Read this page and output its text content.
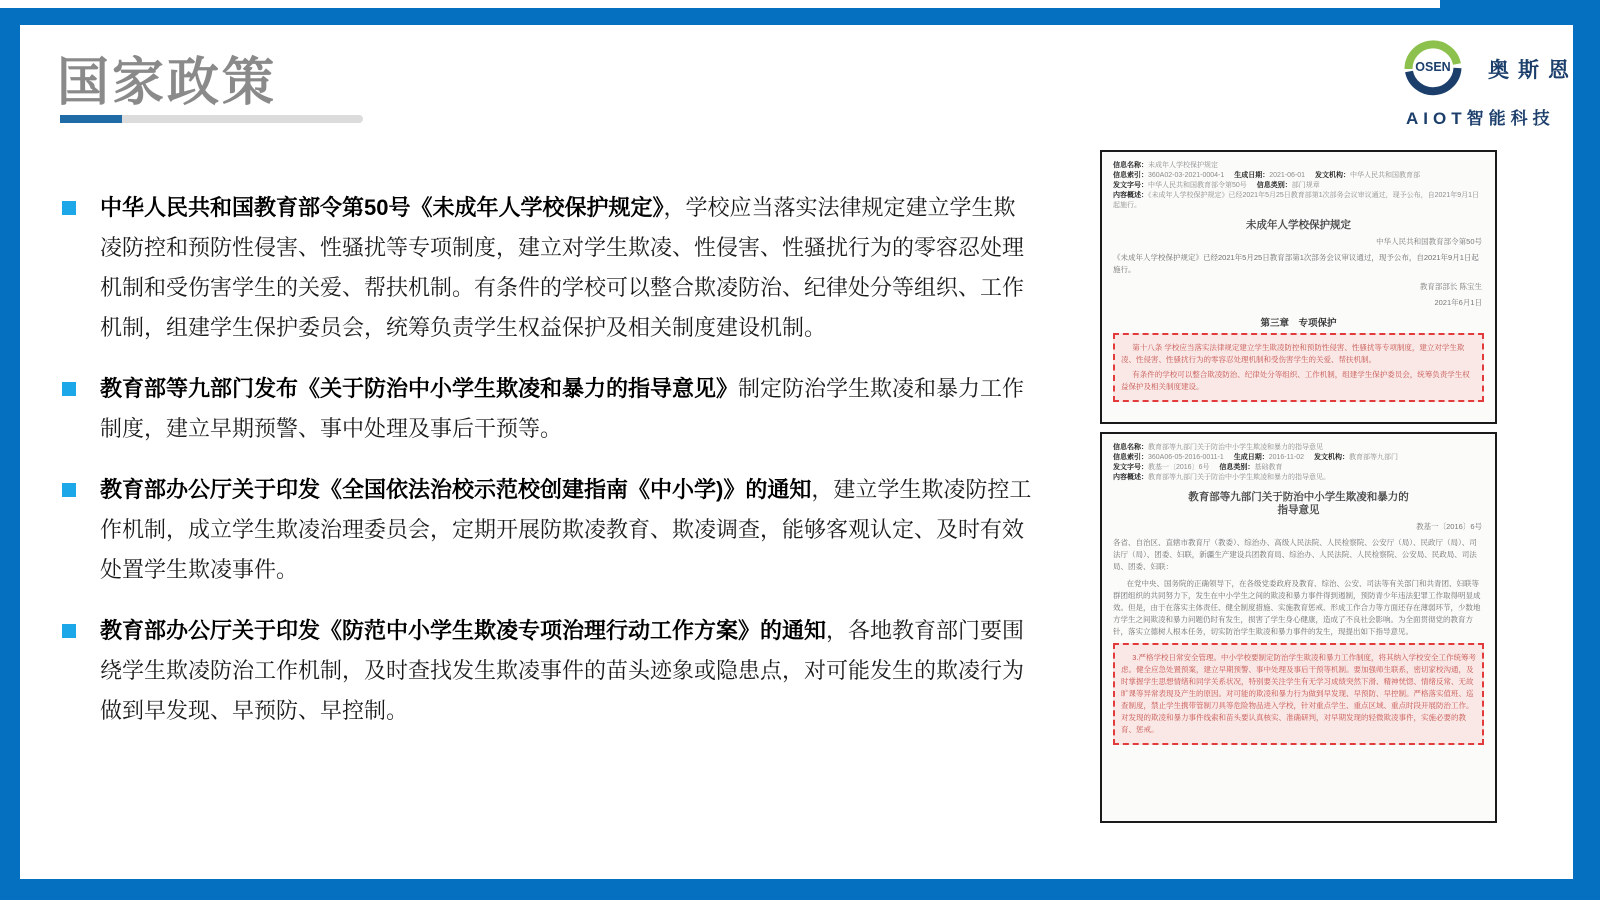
国家政策	OSEN 奥斯恩
AIOT智能科技
中华人民共和国教育部令第50号《未成年人学校保护规定》，学校应当落实法律规定建立学生欺凌防控和预防性侵害、性骚扰等专项制度，建立对学生欺凌、性侵害、性骚扰行为的零容忍处理机制和受伤害学生的关爱、帮扶机制。有条件的学校可以整合欺凌防治、纪律处分等组织、工作机制，组建学生保护委员会，统筹负责学生权益保护及相关制度建设机制。
教育部等九部门发布《关于防治中小学生欺凌和暴力的指导意见》制定防治学生欺凌和暴力工作制度，建立早期预警、事中处理及事后干预等。
教育部办公厅关于印发《全国依法治校示范校创建指南《中小学)》的通知，建立学生欺凌防控工作机制，成立学生欺凌治理委员会，定期开展防欺凌教育、欺凌调查，能够客观认定、及时有效处置学生欺凌事件。
教育部办公厅关于印发《防范中小学生欺凌专项治理行动工作方案》的通知，各地教育部门要围绕学生欺凌防治工作机制，及时查找发生欺凌事件的苗头迹象或隐患点，对可能发生的欺凌行为做到早发现、早预防、早控制。
信息名称：未成年人学校保护规定
信息索引：360A02-03-2021-0004-1 生成日期：2021-06-01 发文机构：中华人民共和国教育部
发文字号：中华人民共和国教育部令第50号 信息类别：部门规章
内容概述：《未成年人学校保护规定》已经2021年5月25日教育部第1次部务会议审议通过，现予公布，自2021年9月1日起施行。
未成年人学校保护规定
中华人民共和国教育部令第50号
《未成年人学校保护规定》已经2021年5月25日教育部第1次部务会议审议通过，现予公布，自2021年9月1日起施行。
教育部部长 陈宝生
2021年6月1日
第三章　专项保护

第十八条 学校应当落实法律规定建立学生欺凌防控和预防性侵害、性骚扰等专项制度，建立对学生欺凌、性侵害、性骚扰行为的零容忍处理机制和受伤害学生的关爱、帮扶机制。

有条件的学校可以整合欺凌防治、纪律处分等组织、工作机制，组建学生保护委员会，统筹负责学生权益保护及相关制度建设。

信息名称：教育部等九部门关于防治中小学生欺凌和暴力的指导意见
信息索引：360A06-05-2016-0011-1 生成日期：2016-11-02 发文机构：教育部等九部门
发文字号：教基一〔2016〕6号 信息类别：基础教育
内容概述：教育部等九部门关于防治中小学生欺凌和暴力的指导意见。
教育部等九部门关于防治中小学生欺凌和暴力的指导意见
教基一〔2016〕6号
各省、自治区、直辖市教育厅（教委）、综治办、高级人民法院、人民检察院、公安厅（局）、民政厅（局）、司法厅（局）、团委、妇联，新疆生产建设兵团教育局、综治办、人民法院、人民检察院、公安局、民政局、司法局、团委、妇联：
在党中央、国务院的正确领导下，在各级党委政府及教育、综治、公安、司法等有关部门和共青团、妇联等群团组织的共同努力下，发生在中小学生之间的欺凌和暴力事件得到遏制，预防青少年违法犯罪工作取得明显成效。但是，由于在落实主体责任、健全制度措施、实施教育惩戒、形成工作合力等方面还存在薄弱环节，少数地方学生之间欺凌和暴力问题仍时有发生，损害了学生身心健康，造成了不良社会影响。为全面贯彻党的教育方针，落实立德树人根本任务，切实防治学生欺凌和暴力事件的发生，现提出如下指导意见。

3.严格学校日常安全管理。中小学校要制定防治学生欺凌和暴力工作制度，将其纳入学校安全工作统筹考虑。健全应急处置预案，建立早期预警、事中处理及事后干预等机制。要加强师生联系，密切家校沟通，及时掌握学生思想情绪和同学关系状况，特别要关注学生有无学习成绩突然下滑、精神恍惚、情绪反常、无故旷课等异常表现及产生的原因。对可能的欺凌和暴力行为做到早发现、早预防、早控制。严格落实值班、巡查制度，禁止学生携带管制刀具等危险物品进入学校，针对重点学生、重点区域、重点时段开展防治工作。对发现的欺凌和暴力事件线索和苗头要认真核实、准确研判，对早期发现的轻微欺凌事件，实施必要的教育、惩戒。
